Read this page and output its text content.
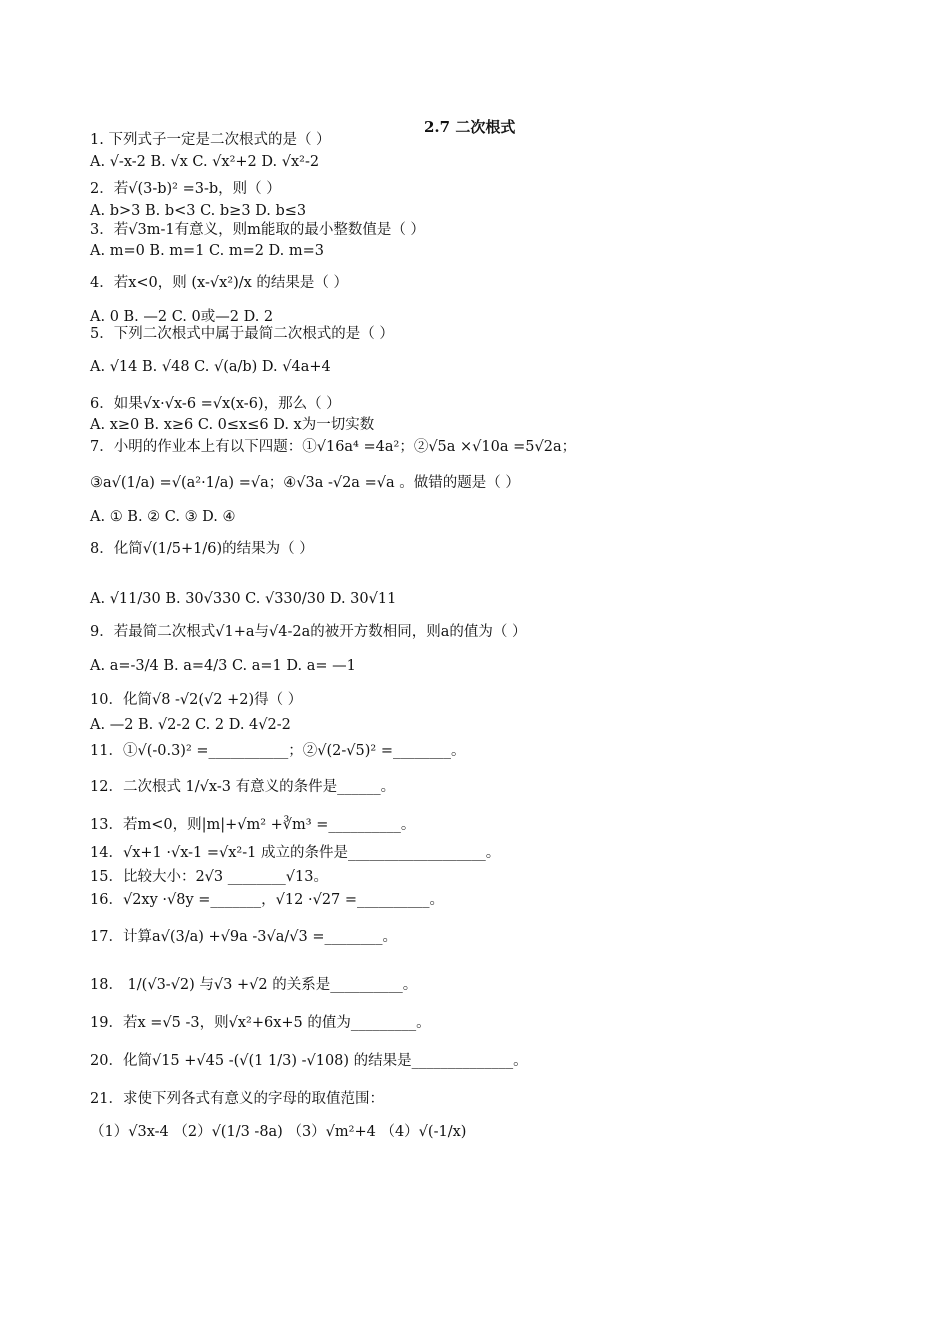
2.7 二次根式
1. 下列式子一定是二次根式的是（ ）
A. √-x-2 B. √x C. √x²+2 D. √x²-2
2．若√(3-b)² =3-b，则（ ）
A. b>3 B. b<3 C. b≥3 D. b≤3
3．若√3m-1有意义，则m能取的最小整数值是（ ）
A. m=0 B. m=1 C. m=2 D. m=3
4．若x<0，则 (x-√x²)/x 的结果是（ ）
A. 0 B. —2 C. 0或—2 D. 2
5．下列二次根式中属于最简二次根式的是（ ）
A. √14 B. √48 C. √(a/b) D. √4a+4
6．如果√x·√x-6 =√x(x-6)，那么（ ）
A. x≥0 B. x≥6 C. 0≤x≤6 D. x为一切实数
7．小明的作业本上有以下四题：①√16a⁴ =4a²；②√5a ×√10a =5√2a；
③a√(1/a) =√(a²·1/a) =√a；④√3a -√2a =√a 。做错的题是（ ）
A. ① B. ② C. ③ D. ④
8．化简√(1/5+1/6)的结果为（ ）
A. √11/30 B. 30√330 C. √330/30 D. 30√11
9．若最简二次根式√1+a与√4-2a的被开方数相同，则a的值为（ ）
A. a=-3/4 B. a=4/3 C. a=1 D. a= —1
10．化简√8 -√2(√2 +2)得（ ）
A. —2 B. √2-2 C. 2 D. 4√2-2
11．①√(-0.3)² =___________；②√(2-√5)² =________。
12．二次根式 1/√x-3 有意义的条件是______。
13．若m<0，则|m|+√m² +∛m³ =__________。
14．√x+1 ·√x-1 =√x²-1 成立的条件是___________________。
15．比较大小：2√3 ________√13。
16．√2xy ·√8y =_______，√12 ·√27 =__________。
17．计算a√(3/a) +√9a -3√a/√3 =________。
18． 1/(√3-√2) 与√3 +√2 的关系是__________。
19．若x =√5 -3，则√x²+6x+5 的值为_________。
20．化简√15 +√45 -(√(1 1/3) -√108) 的结果是______________。
21．求使下列各式有意义的字母的取值范围：
（1）√3x-4 （2）√(1/3 -8a) （3）√m²+4 （4）√(-1/x)
